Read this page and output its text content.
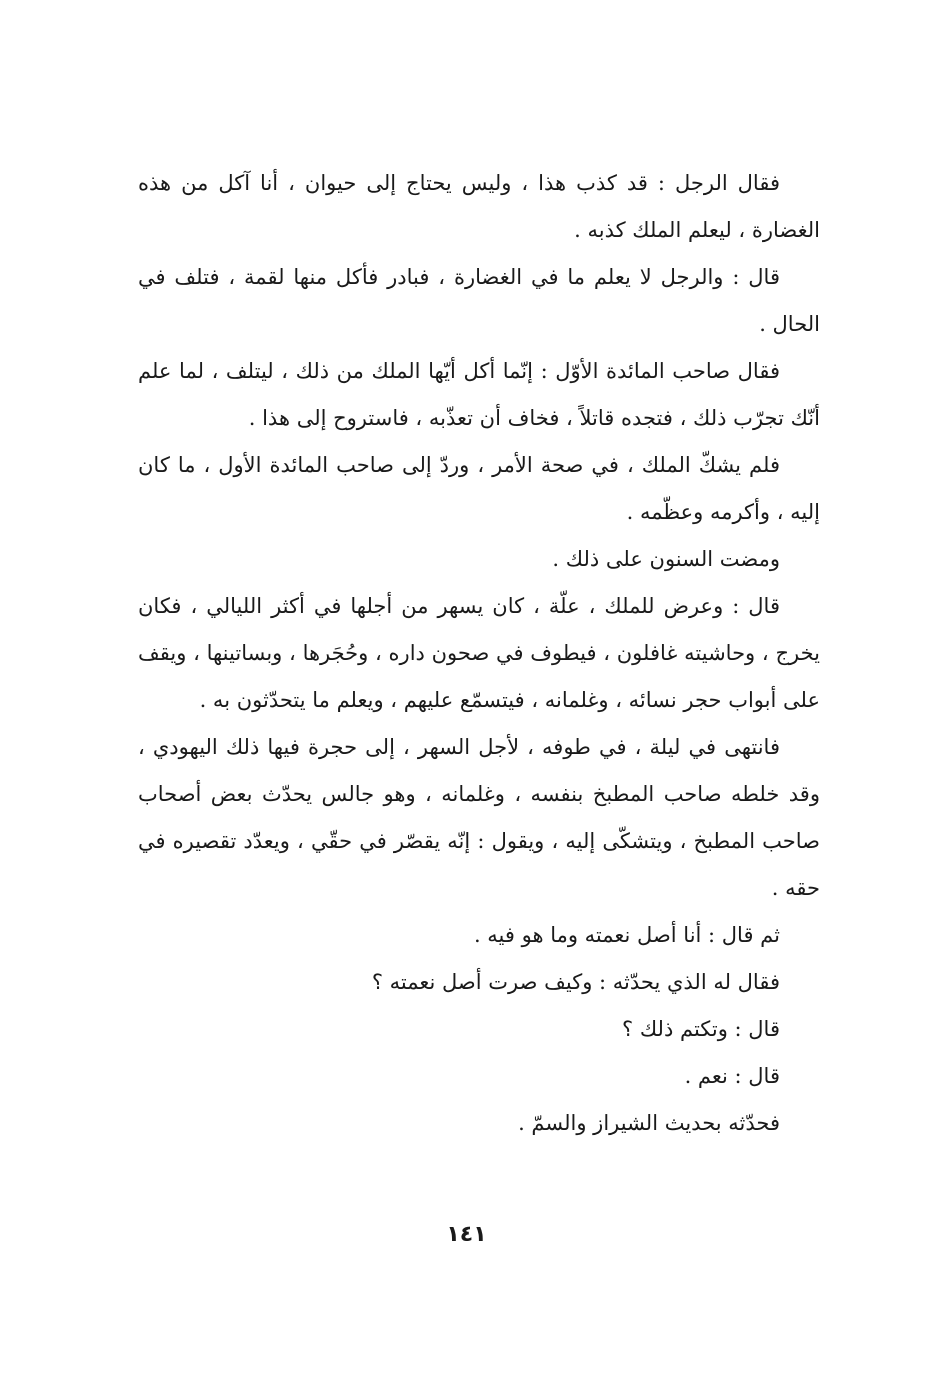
فقال الرجل : قد كذب هذا ، وليس يحتاج إلى حيوان ، أنا آكل من هذه الغضارة ، ليعلم الملك كذبه .

قال : والرجل لا يعلم ما في الغضارة ، فبادر فأكل منها لقمة ، فتلف في الحال .

فقال صاحب المائدة الأوّل : إنّما أكل أيّها الملك من ذلك ، ليتلف ، لما علم أنّك تجرّب ذلك ، فتجده قاتلاً ، فخاف أن تعذّبه ، فاستروح إلى هذا .

فلم يشكّ الملك ، في صحة الأمر ، وردّ إلى صاحب المائدة الأول ، ما كان إليه ، وأكرمه وعظّمه .

ومضت السنون على ذلك .

قال : وعرض للملك ، علّة ، كان يسهر من أجلها في أكثر الليالي ، فكان يخرج ، وحاشيته غافلون ، فيطوف في صحون داره ، وحُجَرها ، وبساتينها ، ويقف على أبواب حجر نسائه ، وغلمانه ، فيتسمّع عليهم ، ويعلم ما يتحدّثون به .

فانتهى في ليلة ، في طوفه ، لأجل السهر ، إلى حجرة فيها ذلك اليهودي ، وقد خلطه صاحب المطبخ بنفسه ، وغلمانه ، وهو جالس يحدّث بعض أصحاب صاحب المطبخ ، ويتشكّى إليه ، ويقول : إنّه يقصّر في حقّي ، ويعدّد تقصيره في حقه .

ثم قال : أنا أصل نعمته وما هو فيه .

فقال له الذي يحدّثه : وكيف صرت أصل نعمته ؟

قال : وتكتم ذلك ؟

قال : نعم .

فحدّثه بحديث الشيراز والسمّ .

١٤١
